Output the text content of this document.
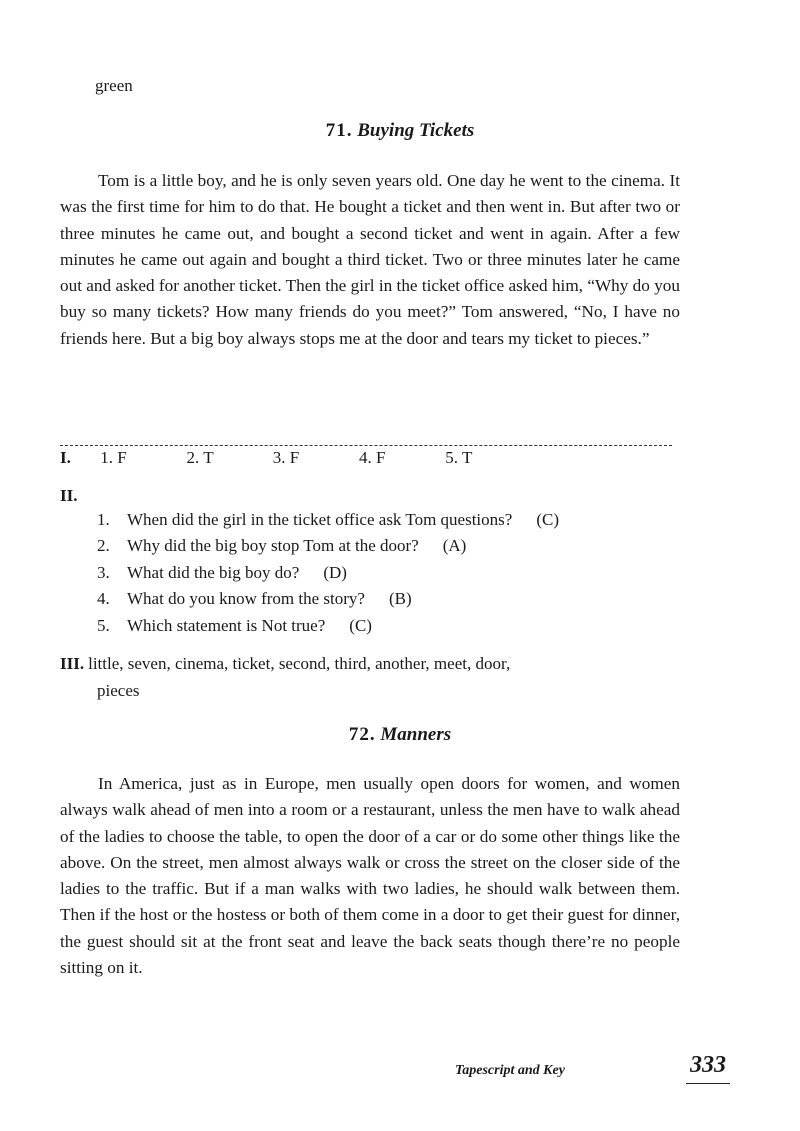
green
71. Buying Tickets
Tom is a little boy, and he is only seven years old. One day he went to the cinema. It was the first time for him to do that. He bought a ticket and then went in. But after two or three minutes he came out, and bought a second ticket and went in again. After a few minutes he came out again and bought a third ticket. Two or three minutes later he came out and asked for another ticket. Then the girl in the ticket office asked him, “Why do you buy so many tickets? How many friends do you meet?” Tom answered, “No, I have no friends here. But a big boy always stops me at the door and tears my ticket to pieces.”
I. 1. F	2. T	3. F	4. F	5. T
II.
1. When did the girl in the ticket office ask Tom questions? (C)
2. Why did the big boy stop Tom at the door? (A)
3. What did the big boy do? (D)
4. What do you know from the story? (B)
5. Which statement is Not true? (C)
III. little, seven, cinema, ticket, second, third, another, meet, door,
pieces
72. Manners
In America, just as in Europe, men usually open doors for women, and women always walk ahead of men into a room or a restaurant, unless the men have to walk ahead of the ladies to choose the table, to open the door of a car or do some other things like the above. On the street, men almost always walk or cross the street on the closer side of the ladies to the traffic. But if a man walks with two ladies, he should walk between them. Then if the host or the hostess or both of them come in a door to get their guest for dinner, the guest should sit at the front seat and leave the back seats though there’re no people sitting on it.
Tapescript and Key	333
